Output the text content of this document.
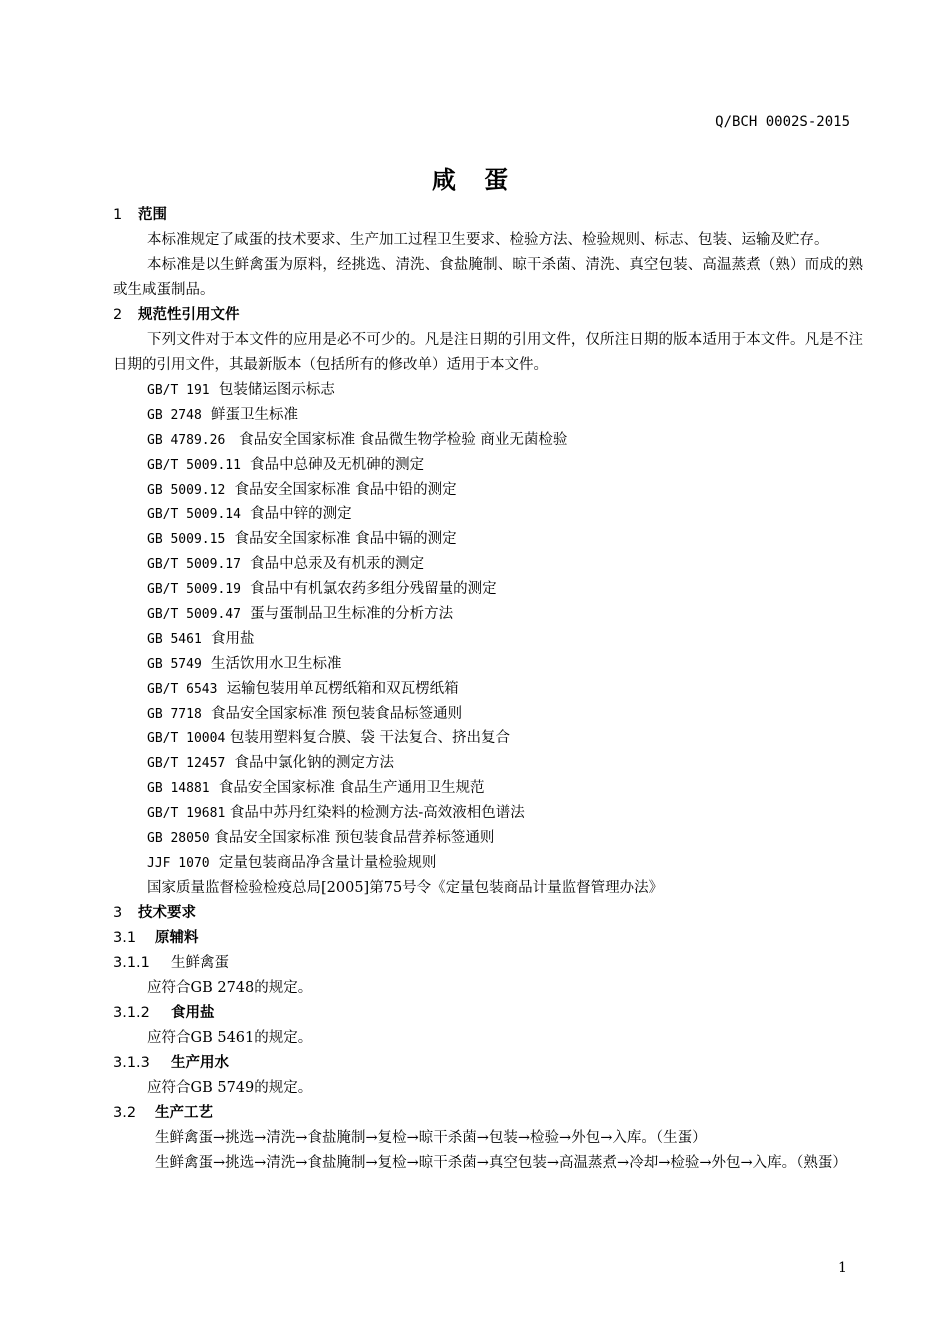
Q/BCH 0002S-2015
咸 蛋
1 范围
本标准规定了咸蛋的技术要求、生产加工过程卫生要求、检验方法、检验规则、标志、包装、运输及贮存。
本标准是以生鲜禽蛋为原料，经挑选、清洗、食盐腌制、晾干杀菌、清洗、真空包装、高温蒸煮（熟）而成的熟或生咸蛋制品。
2 规范性引用文件
下列文件对于本文件的应用是必不可少的。凡是注日期的引用文件，仅所注日期的版本适用于本文件。凡是不注日期的引用文件，其最新版本（包括所有的修改单）适用于本文件。
GB/T 191 包装储运图示标志
GB 2748 鲜蛋卫生标准
GB 4789.26 食品安全国家标准 食品微生物学检验 商业无菌检验
GB/T 5009.11 食品中总砷及无机砷的测定
GB 5009.12 食品安全国家标准 食品中铅的测定
GB/T 5009.14 食品中锌的测定
GB 5009.15 食品安全国家标准 食品中镉的测定
GB/T 5009.17 食品中总汞及有机汞的测定
GB/T 5009.19 食品中有机氯农药多组分残留量的测定
GB/T 5009.47 蛋与蛋制品卫生标准的分析方法
GB 5461 食用盐
GB 5749 生活饮用水卫生标准
GB/T 6543 运输包装用单瓦楞纸箱和双瓦楞纸箱
GB 7718 食品安全国家标准 预包装食品标签通则
GB/T 10004 包装用塑料复合膜、袋 干法复合、挤出复合
GB/T 12457 食品中氯化钠的测定方法
GB 14881 食品安全国家标准 食品生产通用卫生规范
GB/T 19681 食品中苏丹红染料的检测方法-高效液相色谱法
GB 28050 食品安全国家标准 预包装食品营养标签通则
JJF 1070 定量包装商品净含量计量检验规则
国家质量监督检验检疫总局[2005]第75号令《定量包装商品计量监督管理办法》
3 技术要求
3.1 原辅料
3.1.1 生鲜禽蛋
应符合GB 2748的规定。
3.1.2 食用盐
应符合GB 5461的规定。
3.1.3 生产用水
应符合GB 5749的规定。
3.2 生产工艺
生鲜禽蛋→挑选→清洗→食盐腌制→复检→晾干杀菌→包装→检验→外包→入库。（生蛋）
生鲜禽蛋→挑选→清洗→食盐腌制→复检→晾干杀菌→真空包装→高温蒸煮→冷却→检验→外包→入库。（熟蛋）
1
